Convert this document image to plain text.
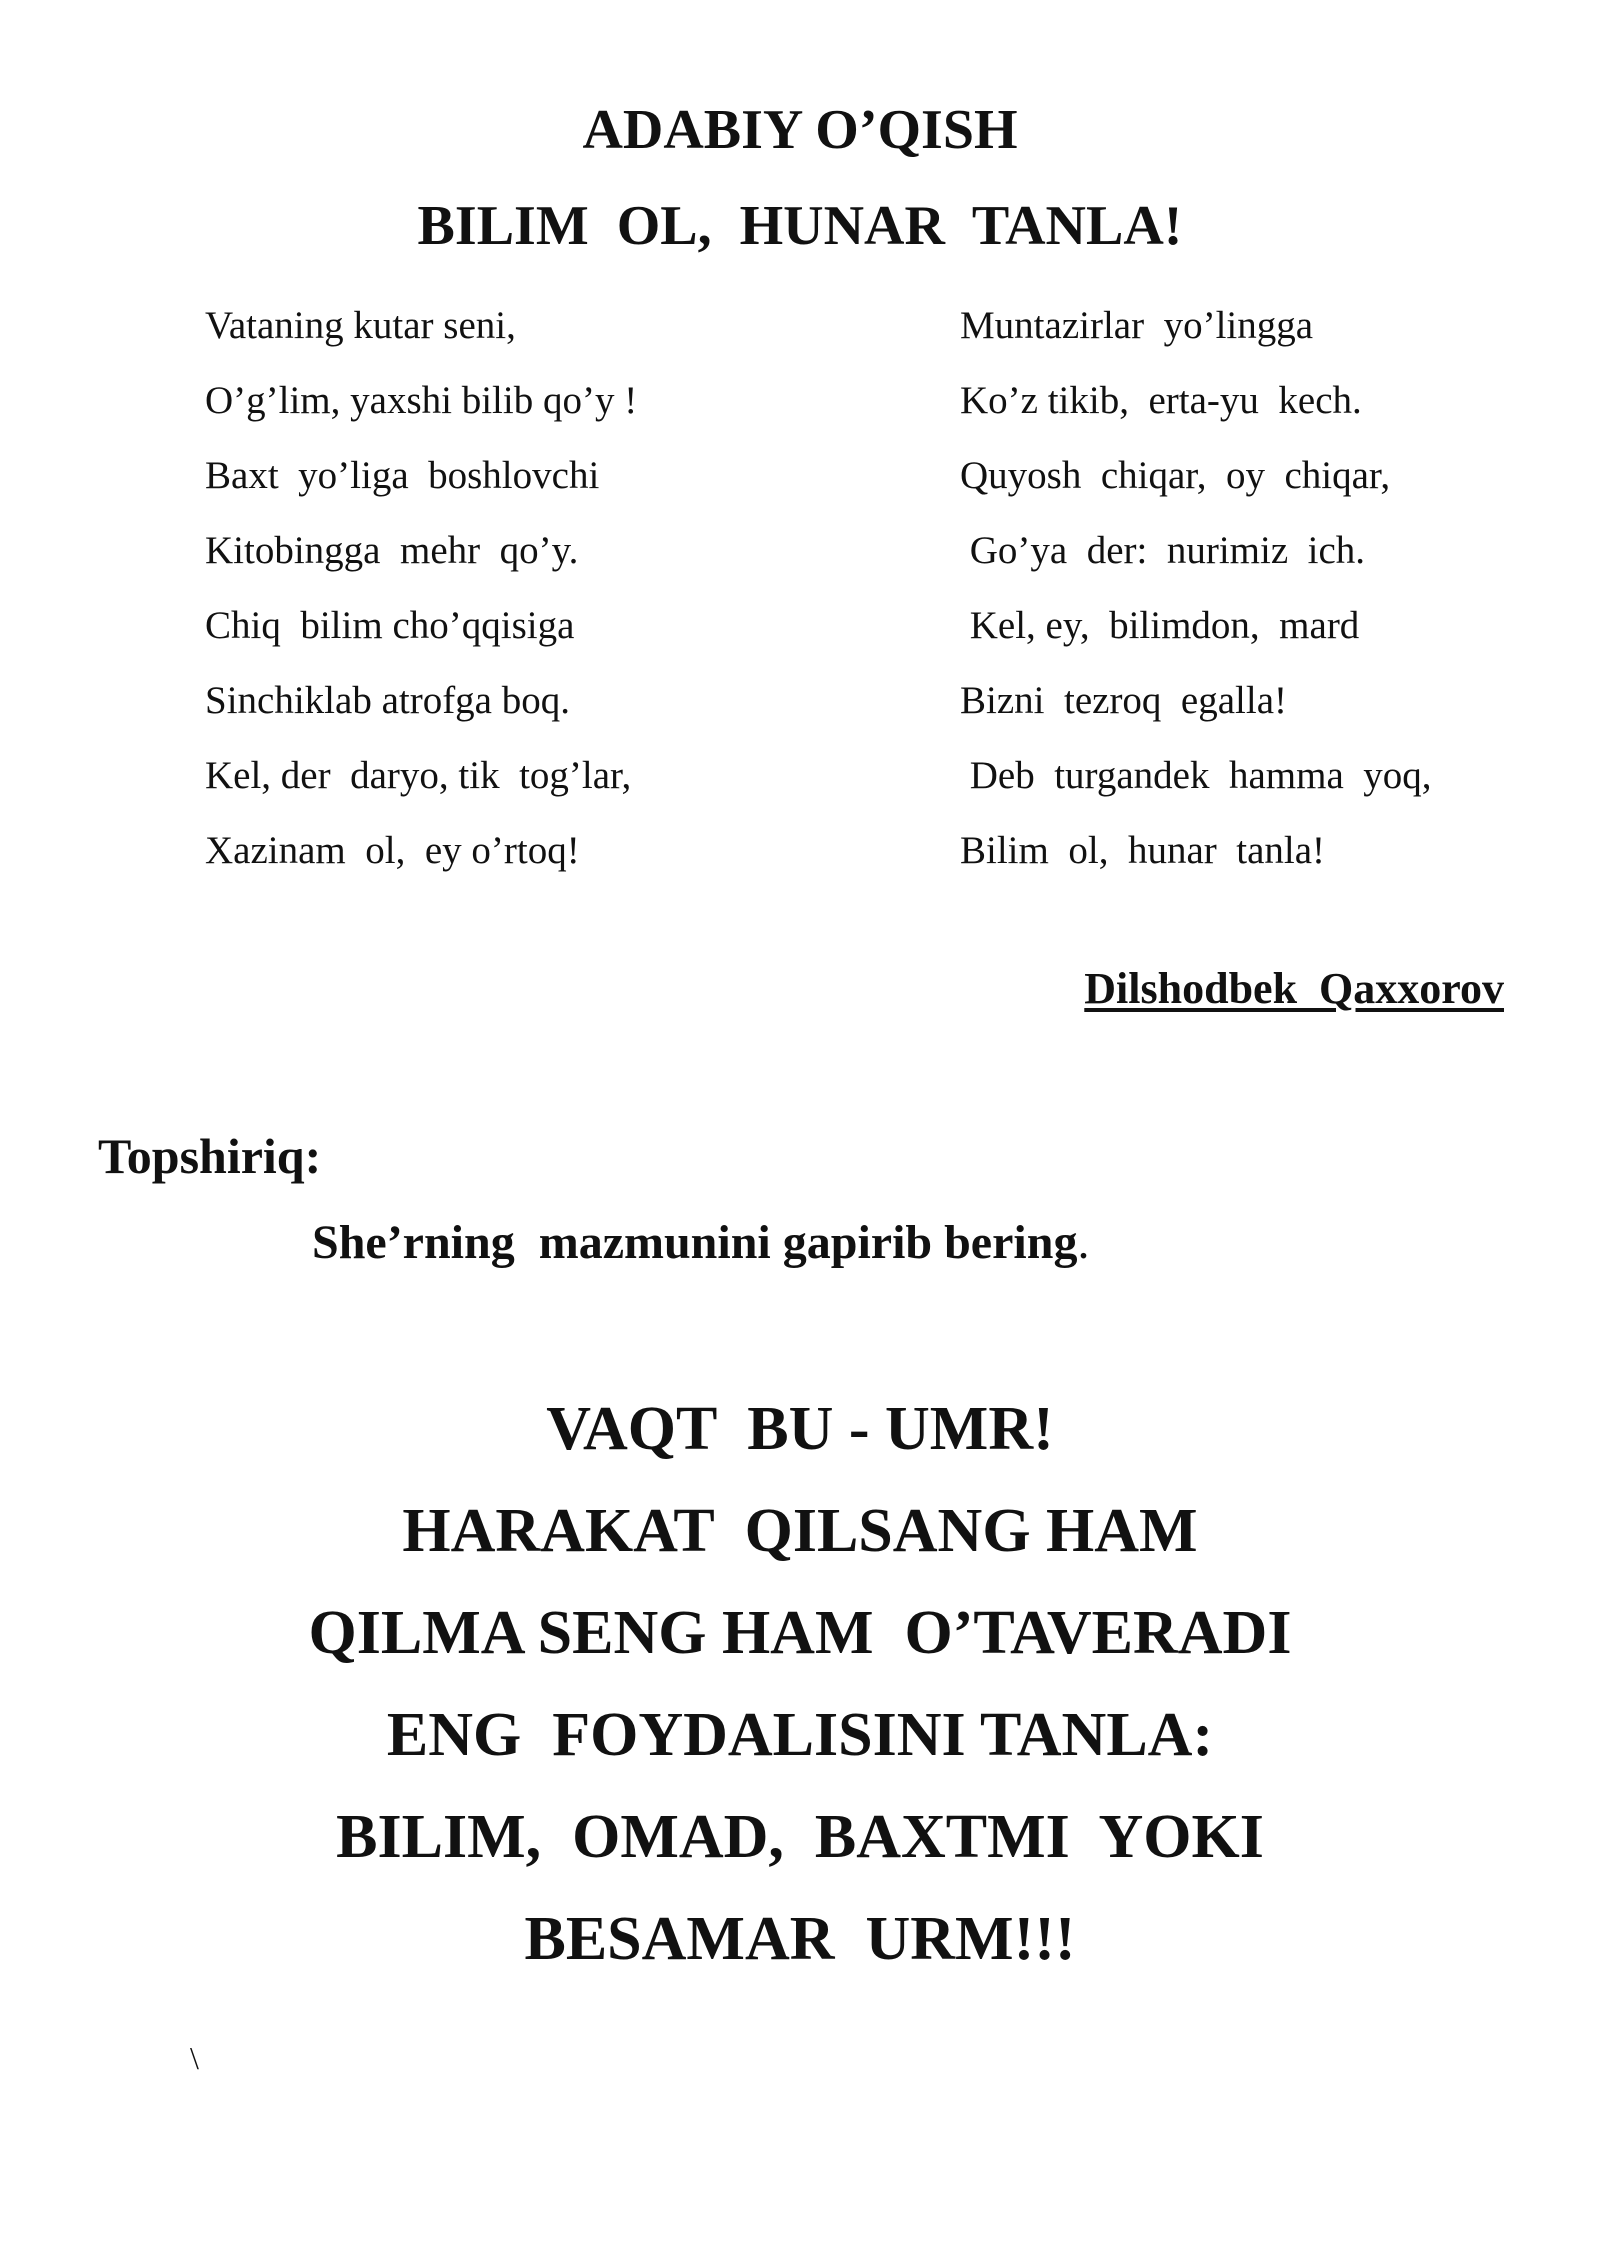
ADABIY O’QISH
BILIM  OL,  HUNAR  TANLA!
Vataning kutar seni,
O’g’lim, yaxshi bilib qo’y !
Baxt  yo’liga  boshlovchi
Kitobingga  mehr  qo’y.
Chiq  bilim cho’qqisiga
Sinchiklab atrofga boq.
Kel, der  daryo, tik  tog’lar,
Xazinam  ol,  ey o’rtoq!
Muntazirlar  yo’lingga
Ko’z tikib,  erta-yu  kech.
Quyosh  chiqar,  oy  chiqar,
Go’ya  der:  nurimiz  ich.
Kel, ey,  bilimdon,  mard
Bizni  tezroq  egalla!
Deb  turgandek  hamma  yoq,
Bilim  ol,  hunar  tanla!
Dilshodbek  Qaxxorov
Topshiriq:
She’rning  mazmunini gapirib bering.
VAQT  BU - UMR!
HARAKAT  QILSANG HAM
QILMA SENG HAM  O’TAVERADI
ENG  FOYDALISINI TANLA:
BILIM,  OMAD,  BAXTMI  YOKI
BESAMAR  URM!!!
\
